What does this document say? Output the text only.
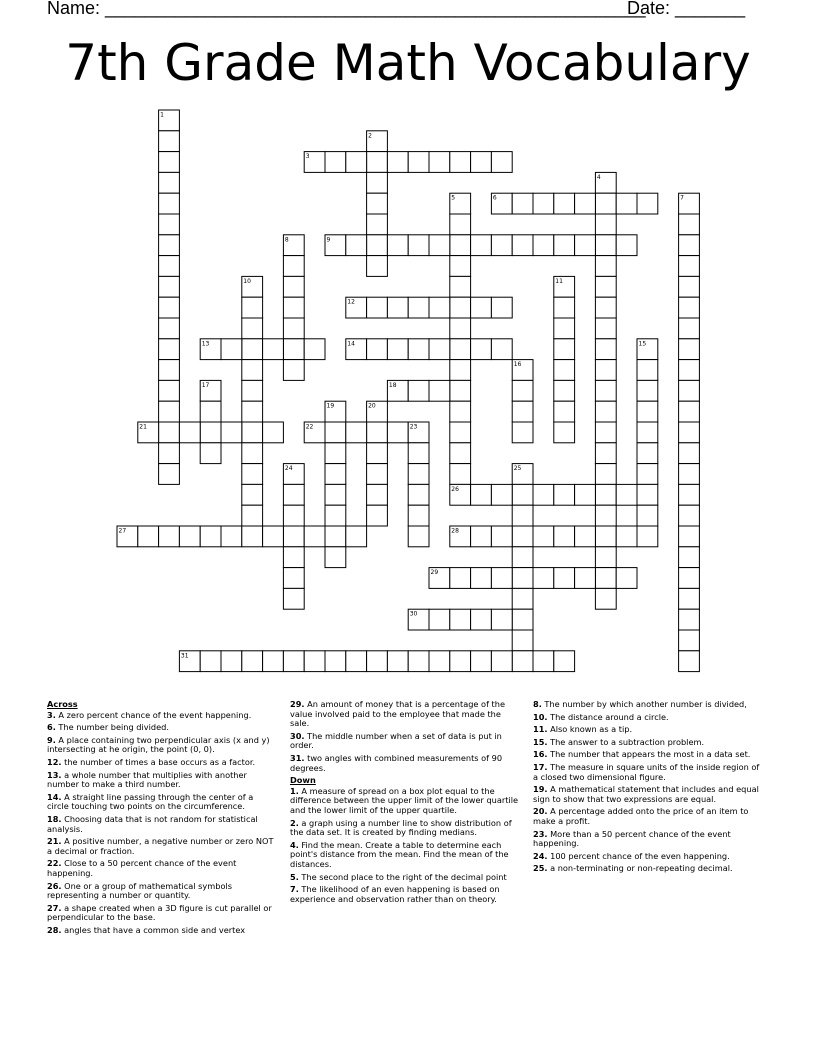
Name: ______________________________________________________
Date: _______
7th Grade Math Vocabulary
1
2
3
4
5	6	7
8	9
10	11
12
13	14	15
16
17	18
19	20
21	22	23
24	25
26
27	28
29
30
31
Across
3. A zero percent chance of the event happening.
6. The number being divided.
9. A place containing two perpendicular axis (x and y) intersecting at he origin, the point (0, 0).
12. the number of times a base occurs as a factor.
13. a whole number that multiplies with another number to make a third number.
14. A straight line passing through the center of a circle touching two points on the circumference.
18. Choosing data that is not random for statistical analysis.
21. A positive number, a negative number or zero NOT a decimal or fraction.
22. Close to a 50 percent chance of the event happening.
26. One or a group of mathematical symbols representing a number or quantity.
27. a shape created when a 3D figure is cut parallel or perpendicular to the base.
28. angles that have a common side and vertex
29. An amount of money that is a percentage of the value involved paid to the employee that made the sale.
30. The middle number when a set of data is put in order.
31. two angles with combined measurements of 90 degrees.
Down
1. A measure of spread on a box plot equal to the difference between the upper limit of the lower quartile and the lower limit of the upper quartile.
2. a graph using a number line to show distribution of the data set. It is created by finding medians.
4. Find the mean. Create a table to determine each point's distance from the mean. Find the mean of the distances.
5. The second place to the right of the decimal point
7. The likelihood of an even happening is based on experience and observation rather than on theory.
8. The number by which another number is divided,
10. The distance around a circle.
11. Also known as a tip.
15. The answer to a subtraction problem.
16. The number that appears the most in a data set.
17. The measure in square units of the inside region of a closed two dimensional figure.
19. A mathematical statement that includes and equal sign to show that two expressions are equal.
20. A percentage added onto the price of an item to make a profit.
23. More than a 50 percent chance of the event happening.
24. 100 percent chance of the even happening.
25. a non-terminating or non-repeating decimal.
